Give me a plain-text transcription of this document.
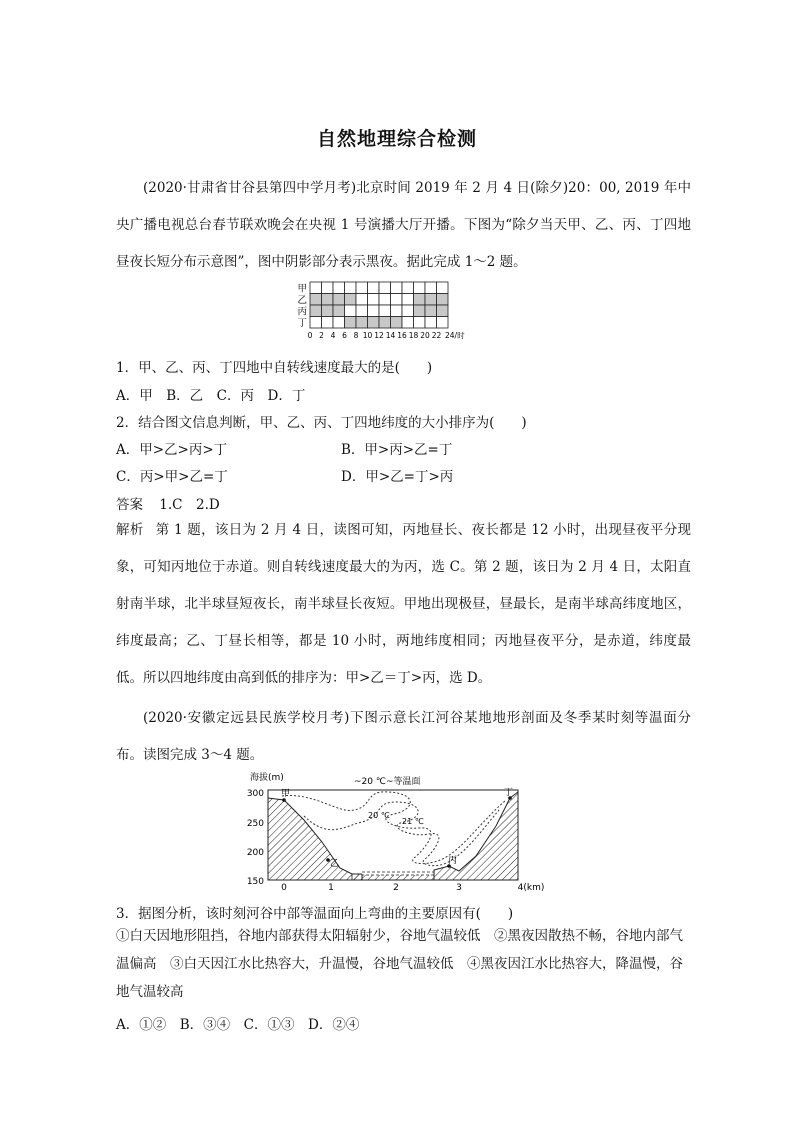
自然地理综合检测

(2020·甘肃省甘谷县第四中学月考)北京时间 2019 年 2 月 4 日(除夕)20：00, 2019 年中央广播电视总台春节联欢晚会在央视 1 号演播大厅开播。下图为“除夕当天甲、乙、丙、丁四地昼夜长短分布示意图”，图中阴影部分表示黑夜。据此完成 1～2 题。

甲
乙
丙
丁
0 2 4 6 8 10 12 14 16 18 20 22 24/时
1．甲、乙、丙、丁四地中自转线速度最大的是(　　)
A．甲　B．乙　C．丙　D．丁
2．结合图文信息判断，甲、乙、丙、丁四地纬度的大小排序为(　　)
A．甲>乙>丙>丁	B．甲>丙>乙=丁
C．丙>甲>乙=丁	D．甲>乙=丁>丙
答案 1.C　2.D

解析 第 1 题，该日为 2 月 4 日，读图可知，丙地昼长、夜长都是 12 小时，出现昼夜平分现象，可知丙地位于赤道。则自转线速度最大的为丙，选 C。第 2 题，该日为 2 月 4 日，太阳直射南半球，北半球昼短夜长，南半球昼长夜短。甲地出现极昼，昼最长，是南半球高纬度地区，纬度最高；乙、丁昼长相等，都是 10 小时，两地纬度相同；丙地昼夜平分，是赤道，纬度最低。所以四地纬度由高到低的排序为：甲>乙＝丁>丙，选 D。

(2020·安徽定远县民族学校月考)下图示意长江河谷某地地形剖面及冬季某时刻等温面分布。读图完成 3～4 题。

海拔(m)
300
250
200
150
0	1	2	3	4(km)
~20 ℃~等温面
20 ℃
21 ℃
甲
乙	丙
丁
3．据图分析，该时刻河谷中部等温面向上弯曲的主要原因有(　　)

①白天因地形阻挡，谷地内部获得太阳辐射少，谷地气温较低　②黑夜因散热不畅，谷地内部气温偏高　③白天因江水比热容大，升温慢，谷地气温较低　④黑夜因江水比热容大，降温慢，谷地气温较高

A．①②　B．③④　C．①③　D．②④
